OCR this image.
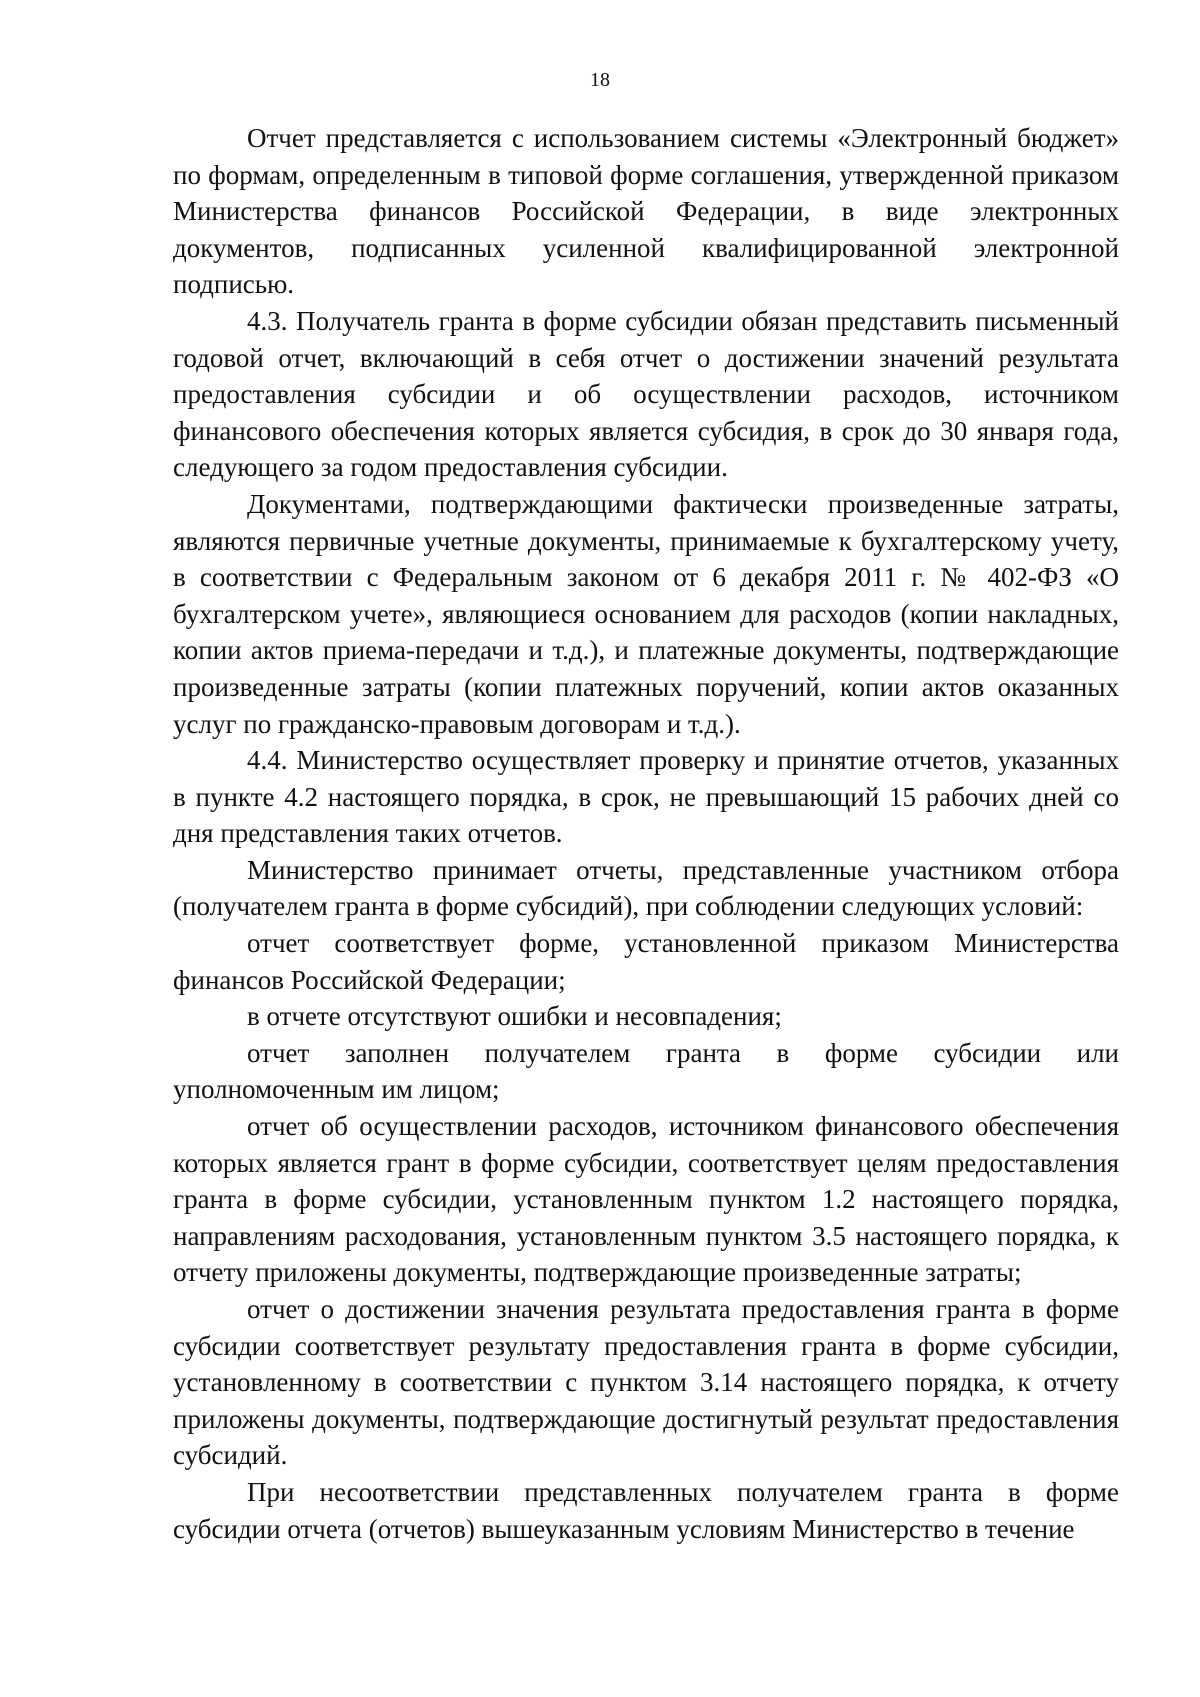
18

Отчет представляется с использованием системы «Электронный бюджет» по формам, определенным в типовой форме соглашения, утвержденной приказом Министерства финансов Российской Федерации, в виде электронных документов, подписанных усиленной квалифицированной электронной подписью.

4.3. Получатель гранта в форме субсидии обязан представить письменный годовой отчет, включающий в себя отчет о достижении значений результата предоставления субсидии и об осуществлении расходов, источником финансового обеспечения которых является субсидия, в срок до 30 января года, следующего за годом предоставления субсидии.

Документами, подтверждающими фактически произведенные затраты, являются первичные учетные документы, принимаемые к бухгалтерскому учету, в соответствии с Федеральным законом от 6 декабря 2011 г. № 402-ФЗ «О бухгалтерском учете», являющиеся основанием для расходов (копии накладных, копии актов приема-передачи и т.д.), и платежные документы, подтверждающие произведенные затраты (копии платежных поручений, копии актов оказанных услуг по гражданско-правовым договорам и т.д.).

4.4. Министерство осуществляет проверку и принятие отчетов, указанных в пункте 4.2 настоящего порядка, в срок, не превышающий 15 рабочих дней со дня представления таких отчетов.

Министерство принимает отчеты, представленные участником отбора (получателем гранта в форме субсидий), при соблюдении следующих условий:

отчет соответствует форме, установленной приказом Министерства финансов Российской Федерации;

в отчете отсутствуют ошибки и несовпадения;

отчет заполнен получателем гранта в форме субсидии или уполномоченным им лицом;

отчет об осуществлении расходов, источником финансового обеспечения которых является грант в форме субсидии, соответствует целям предоставления гранта в форме субсидии, установленным пунктом 1.2 настоящего порядка, направлениям расходования, установленным пунктом 3.5 настоящего порядка, к отчету приложены документы, подтверждающие произведенные затраты;

отчет о достижении значения результата предоставления гранта в форме субсидии соответствует результату предоставления гранта в форме субсидии, установленному в соответствии с пунктом 3.14 настоящего порядка, к отчету приложены документы, подтверждающие достигнутый результат предоставления субсидий.

При несоответствии представленных получателем гранта в форме субсидии отчета (отчетов) вышеуказанным условиям Министерство в течение
